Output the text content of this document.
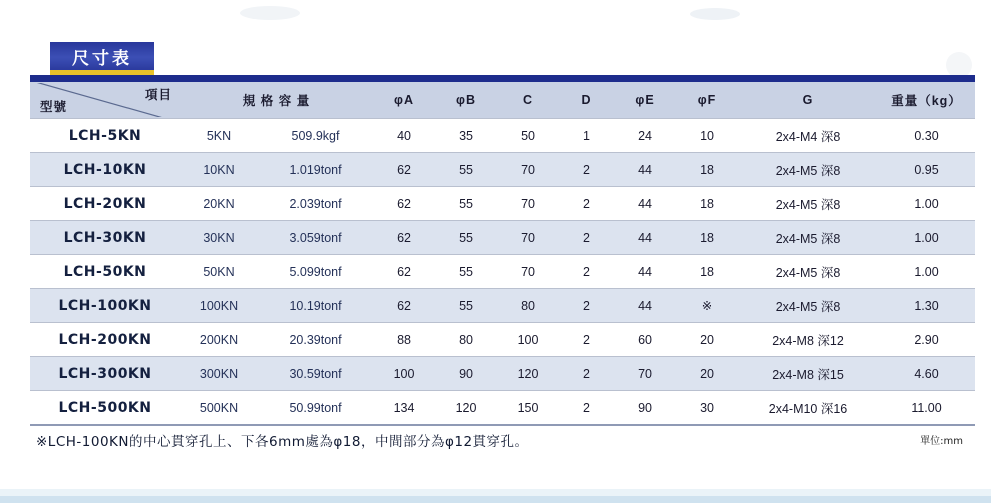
尺寸表
項目
型號	規 格 容 量		φA	φB	C	D	φE	φF	G	重量（kg）
LCH-5KN	5KN	509.9kgf	40	35	50	1	24	10	2x4-M4 深8	0.30
LCH-10KN	10KN	1.019tonf	62	55	70	2	44	18	2x4-M5 深8	0.95
LCH-20KN	20KN	2.039tonf	62	55	70	2	44	18	2x4-M5 深8	1.00
LCH-30KN	30KN	3.059tonf	62	55	70	2	44	18	2x4-M5 深8	1.00
LCH-50KN	50KN	5.099tonf	62	55	70	2	44	18	2x4-M5 深8	1.00
LCH-100KN	100KN	10.19tonf	62	55	80	2	44	※	2x4-M5 深8	1.30
LCH-200KN	200KN	20.39tonf	88	80	100	2	60	20	2x4-M8 深12	2.90
LCH-300KN	300KN	30.59tonf	100	90	120	2	70	20	2x4-M8 深15	4.60
LCH-500KN	500KN	50.99tonf	134	120	150	2	90	30	2x4-M10 深16	11.00
※LCH-100KN的中心貫穿孔上、下各6mm處為φ18，中間部分為φ12貫穿孔。	單位:mm
